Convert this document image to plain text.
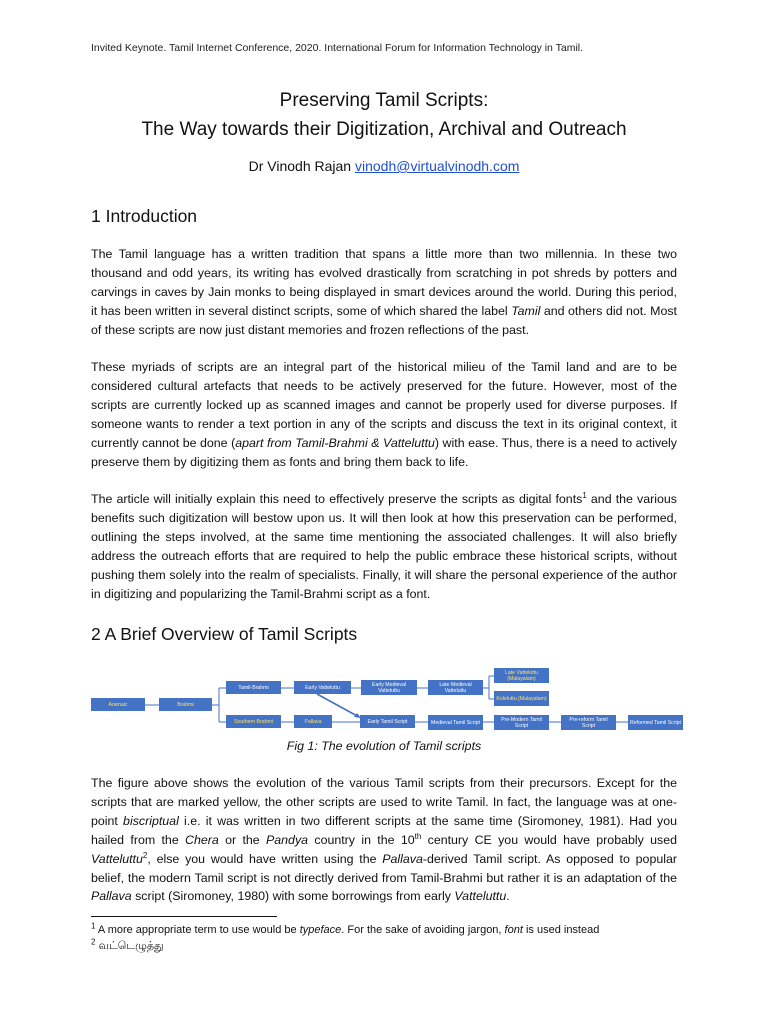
Invited Keynote. Tamil Internet Conference, 2020. International Forum for Information Technology in Tamil.
Preserving Tamil Scripts:
The Way towards their Digitization, Archival and Outreach
Dr Vinodh Rajan vinodh@virtualvinodh.com
1 Introduction

The Tamil language has a written tradition that spans a little more than two millennia. In these two thousand and odd years, its writing has evolved drastically from scratching in pot shreds by potters and carvings in caves by Jain monks to being displayed in smart devices around the world. During this period, it has been written in several distinct scripts, some of which shared the label Tamil and others did not. Most of these scripts are now just distant memories and frozen reflections of the past.

These myriads of scripts are an integral part of the historical milieu of the Tamil land and are to be considered cultural artefacts that needs to be actively preserved for the future. However, most of the scripts are currently locked up as scanned images and cannot be properly used for diverse purposes. If someone wants to render a text portion in any of the scripts and discuss the text in its original context, it currently cannot be done (apart from Tamil-Brahmi & Vatteluttu) with ease. Thus, there is a need to actively preserve them by digitizing them as fonts and bring them back to life.

The article will initially explain this need to effectively preserve the scripts as digital fonts$^1$ and the various benefits such digitization will bestow upon us. It will then look at how this preservation can be performed, outlining the steps involved, at the same time mentioning the associated challenges. It will also briefly address the outreach efforts that are required to help the public embrace these historical scripts, without pushing them solely into the realm of specialists. Finally, it will share the personal experience of the author in digitizing and popularizing the Tamil-Brahmi script as a font.

2 A Brief Overview of Tamil Scripts
Aramaic	Brahmi
Tamil-Brahmi	Early Vatteluttu	Early Medieval Vatteluttu
Late Medieval Vatteluttu
Late Vatteluttu (Malayalam)
Koleluttu (Malayalam)
Southern Brahmi	Pallava	Early Tamil Script	Medieval Tamil Script	Pre-Modern Tamil Script
Pre-reform Tamil Script	Reformed Tamil Script
Fig 1: The evolution of Tamil scripts

The figure above shows the evolution of the various Tamil scripts from their precursors. Except for the scripts that are marked yellow, the other scripts are used to write Tamil. In fact, the language was at one-point biscriptual i.e. it was written in two different scripts at the same time (Siromoney, 1981). Had you hailed from the Chera or the Pandya country in the 10th century CE you would have probably used Vatteluttu$^2$, else you would have written using the Pallava-derived Tamil script. As opposed to popular belief, the modern Tamil script is not directly derived from Tamil-Brahmi but rather it is an adaptation of the Pallava script (Siromoney, 1980) with some borrowings from early Vatteluttu.

$^1$ A more appropriate term to use would be typeface. For the sake of avoiding jargon, font is used instead
$^2$ வட்டெழுத்து
